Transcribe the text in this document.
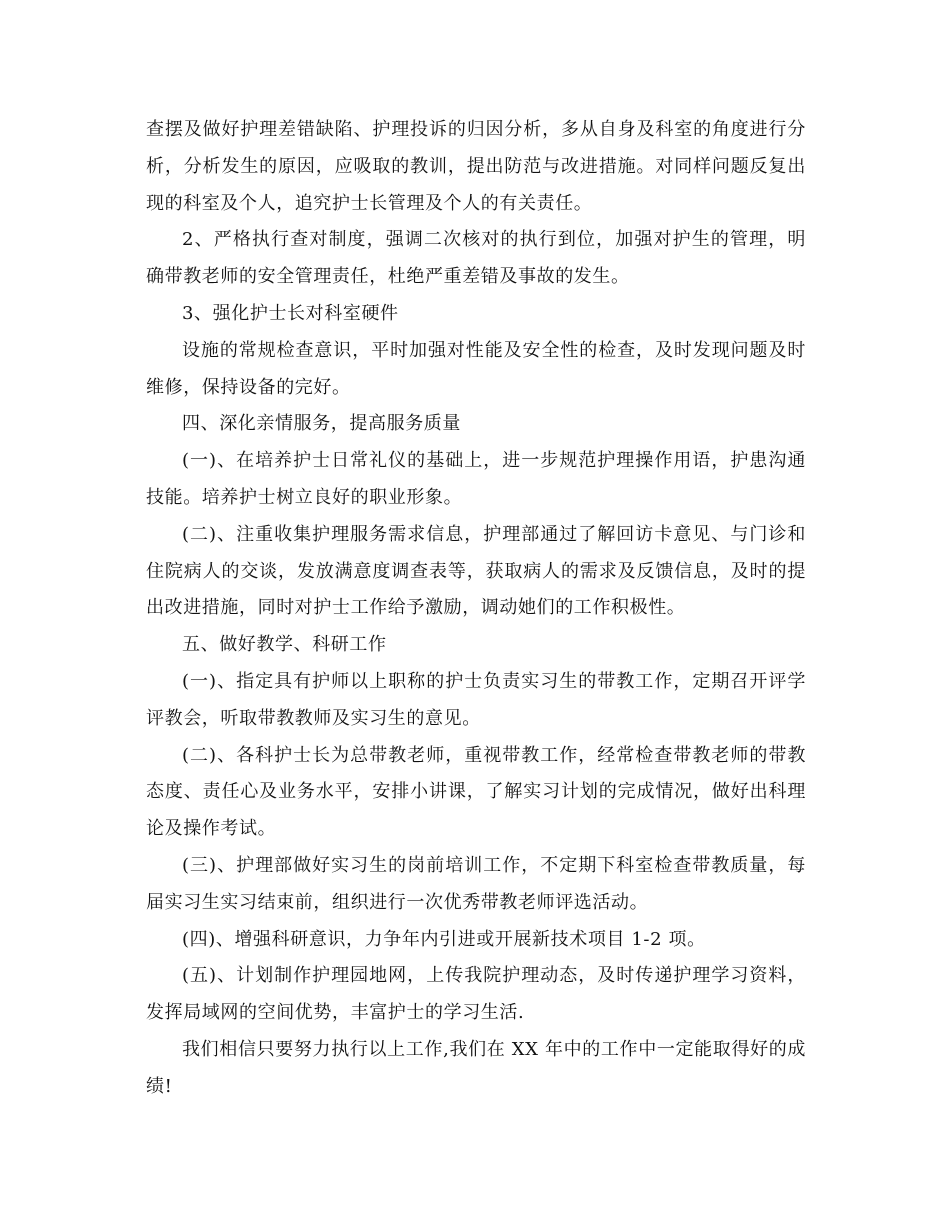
查摆及做好护理差错缺陷、护理投诉的归因分析，多从自身及科室的角度进行分析，分析发生的原因，应吸取的教训，提出防范与改进措施。对同样问题反复出现的科室及个人，追究护士长管理及个人的有关责任。

2、严格执行查对制度，强调二次核对的执行到位，加强对护生的管理，明确带教老师的安全管理责任，杜绝严重差错及事故的发生。

3、强化护士长对科室硬件

设施的常规检查意识，平时加强对性能及安全性的检查，及时发现问题及时维修，保持设备的完好。

四、深化亲情服务，提高服务质量

(一)、在培养护士日常礼仪的基础上，进一步规范护理操作用语，护患沟通技能。培养护士树立良好的职业形象。

(二)、注重收集护理服务需求信息，护理部通过了解回访卡意见、与门诊和住院病人的交谈，发放满意度调查表等，获取病人的需求及反馈信息，及时的提出改进措施，同时对护士工作给予激励，调动她们的工作积极性。

五、做好教学、科研工作

(一)、指定具有护师以上职称的护士负责实习生的带教工作，定期召开评学评教会，听取带教教师及实习生的意见。

(二)、各科护士长为总带教老师，重视带教工作，经常检查带教老师的带教态度、责任心及业务水平，安排小讲课，了解实习计划的完成情况，做好出科理论及操作考试。

(三)、护理部做好实习生的岗前培训工作，不定期下科室检查带教质量，每届实习生实习结束前，组织进行一次优秀带教老师评选活动。

(四)、增强科研意识，力争年内引进或开展新技术项目 1-2 项。

(五)、计划制作护理园地网，上传我院护理动态，及时传递护理学习资料，发挥局域网的空间优势，丰富护士的学习生活.

我们相信只要努力执行以上工作,我们在 XX 年中的工作中一定能取得好的成绩!
